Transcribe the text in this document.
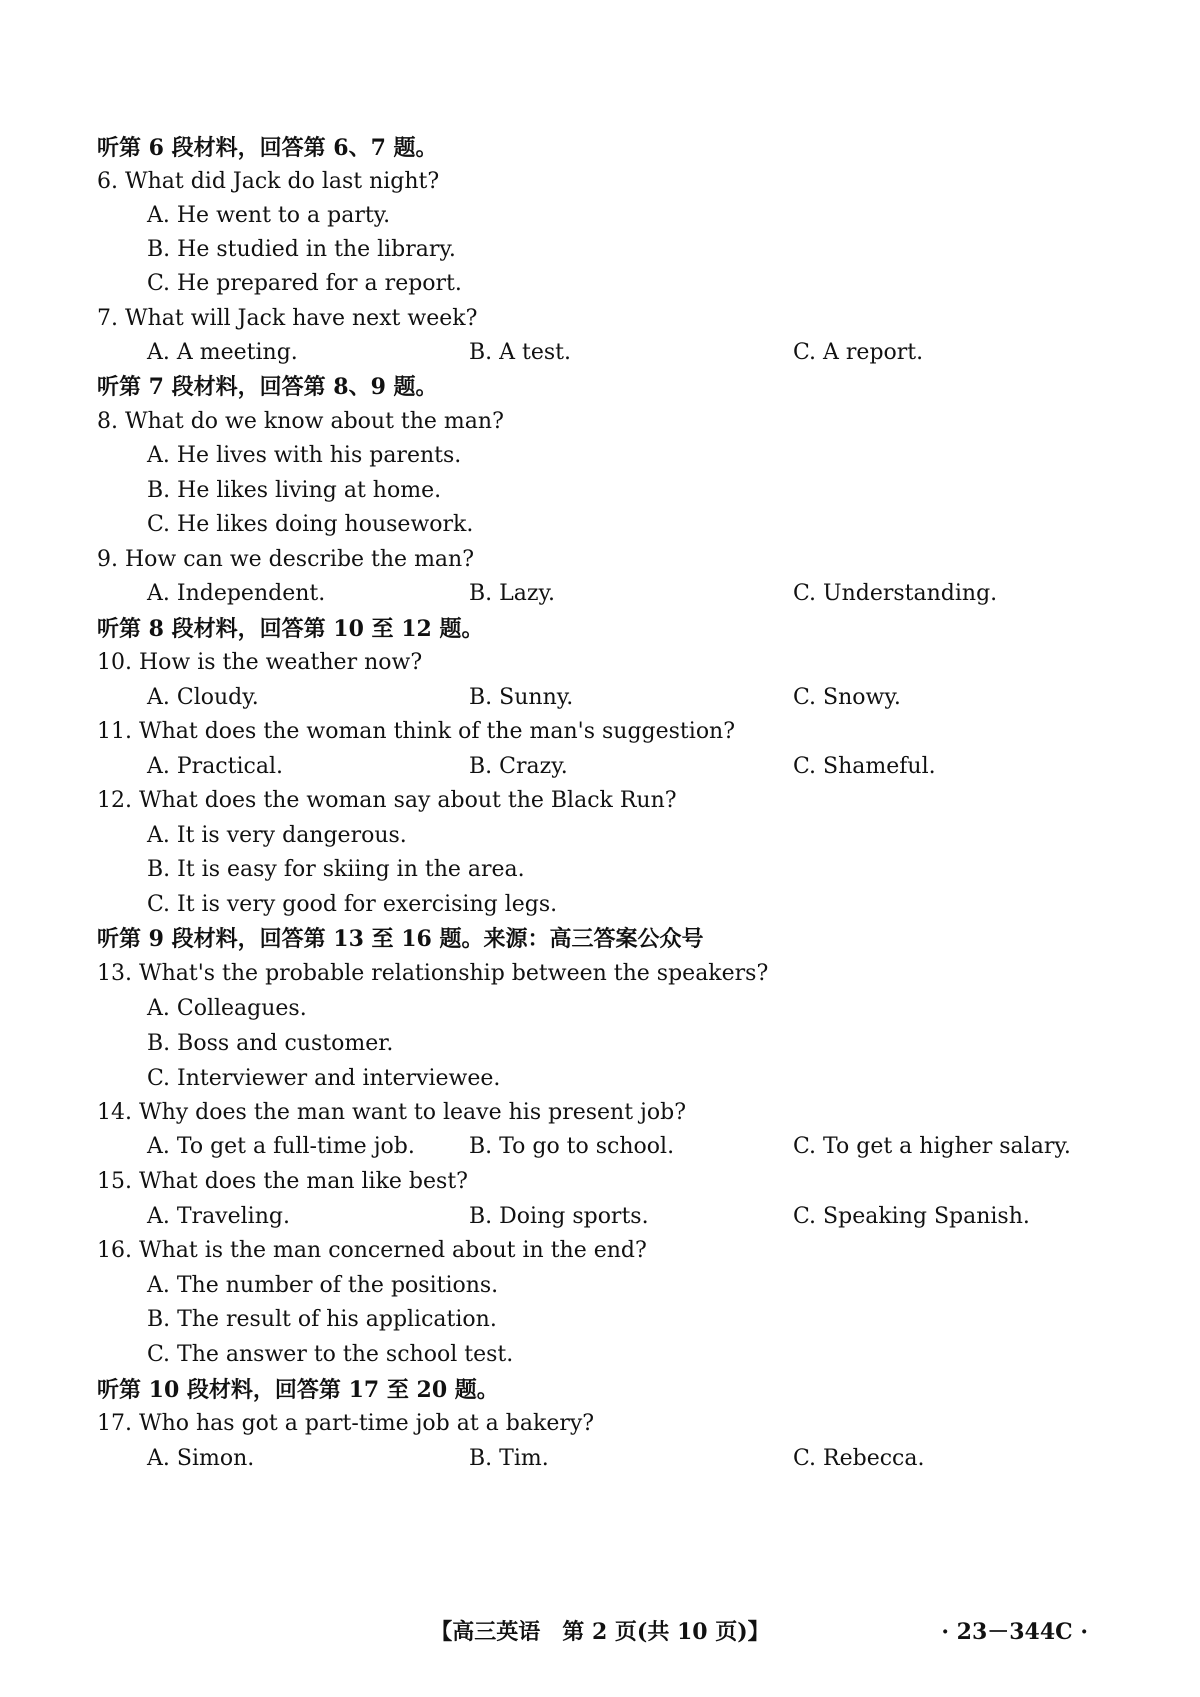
听第 6 段材料，回答第 6、7 题。
6. What did Jack do last night?
A. He went to a party.
B. He studied in the library.
C. He prepared for a report.
7. What will Jack have next week?
A. A meeting.	B. A test.	C. A report.
听第 7 段材料，回答第 8、9 题。
8. What do we know about the man?
A. He lives with his parents.
B. He likes living at home.
C. He likes doing housework.
9. How can we describe the man?
A. Independent.	B. Lazy.	C. Understanding.
听第 8 段材料，回答第 10 至 12 题。
10. How is the weather now?
A. Cloudy.	B. Sunny.	C. Snowy.
11. What does the woman think of the man's suggestion?
A. Practical.	B. Crazy.	C. Shameful.
12. What does the woman say about the Black Run?
A. It is very dangerous.
B. It is easy for skiing in the area.
C. It is very good for exercising legs.
听第 9 段材料，回答第 13 至 16 题。来源：高三答案公众号
13. What's the probable relationship between the speakers?
A. Colleagues.
B. Boss and customer.
C. Interviewer and interviewee.
14. Why does the man want to leave his present job?
A. To get a full-time job. B. To go to school.	C. To get a higher salary.
15. What does the man like best?
A. Traveling.	B. Doing sports.	C. Speaking Spanish.
16. What is the man concerned about in the end?
A. The number of the positions.
B. The result of his application.
C. The answer to the school test.
听第 10 段材料，回答第 17 至 20 题。
17. Who has got a part-time job at a bakery?
A. Simon.	B. Tim.	C. Rebecca.
【高三英语　第 2 页(共 10 页)】	· 23－344C ·
